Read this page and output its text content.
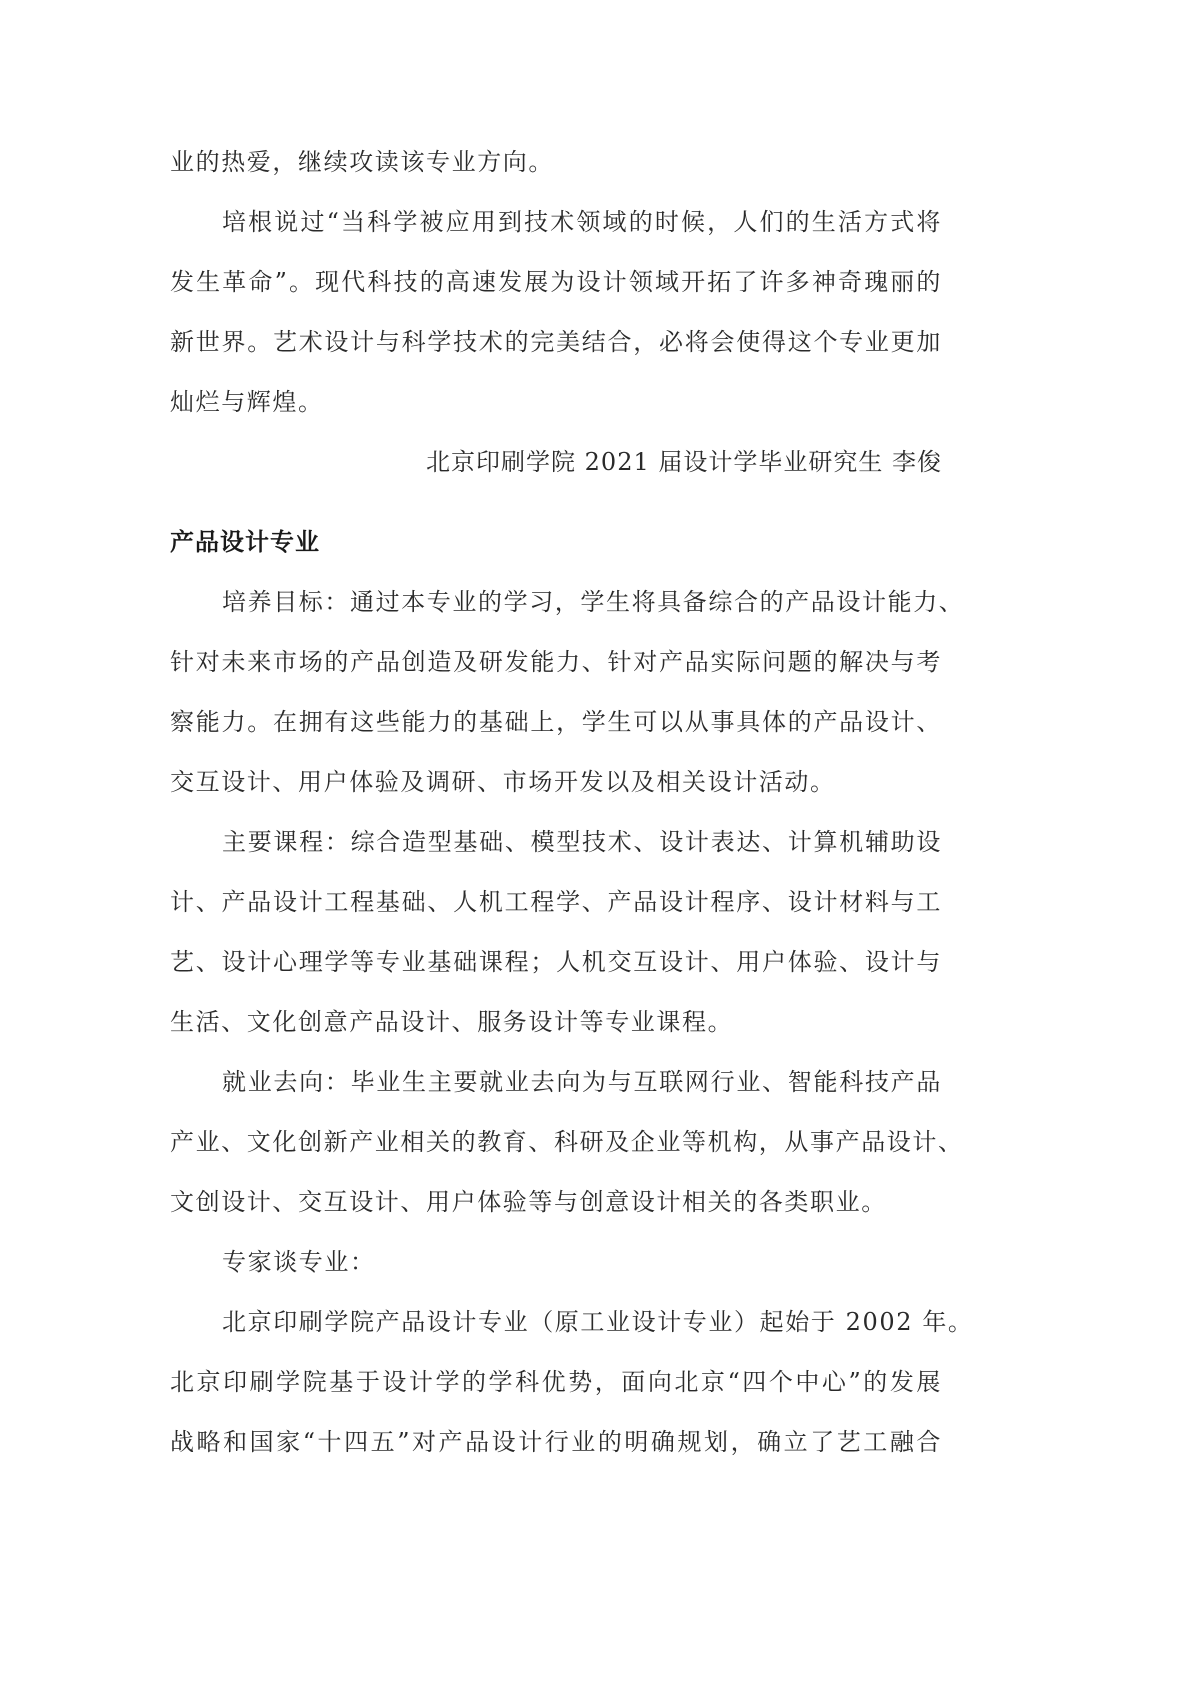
业的热爱，继续攻读该专业方向。
培根说过“当科学被应用到技术领域的时候，人们的生活方式将
发生革命”。现代科技的高速发展为设计领域开拓了许多神奇瑰丽的
新世界。艺术设计与科学技术的完美结合，必将会使得这个专业更加
灿烂与辉煌。
北京印刷学院 2021 届设计学毕业研究生 李俊
产品设计专业
培养目标：通过本专业的学习，学生将具备综合的产品设计能力、
针对未来市场的产品创造及研发能力、针对产品实际问题的解决与考
察能力。在拥有这些能力的基础上，学生可以从事具体的产品设计、
交互设计、用户体验及调研、市场开发以及相关设计活动。
主要课程：综合造型基础、模型技术、设计表达、计算机辅助设
计、产品设计工程基础、人机工程学、产品设计程序、设计材料与工
艺、设计心理学等专业基础课程；人机交互设计、用户体验、设计与
生活、文化创意产品设计、服务设计等专业课程。
就业去向：毕业生主要就业去向为与互联网行业、智能科技产品
产业、文化创新产业相关的教育、科研及企业等机构，从事产品设计、
文创设计、交互设计、用户体验等与创意设计相关的各类职业。
专家谈专业：
北京印刷学院产品设计专业（原工业设计专业）起始于 2002 年。
北京印刷学院基于设计学的学科优势，面向北京“四个中心”的发展
战略和国家“十四五”对产品设计行业的明确规划，确立了艺工融合
